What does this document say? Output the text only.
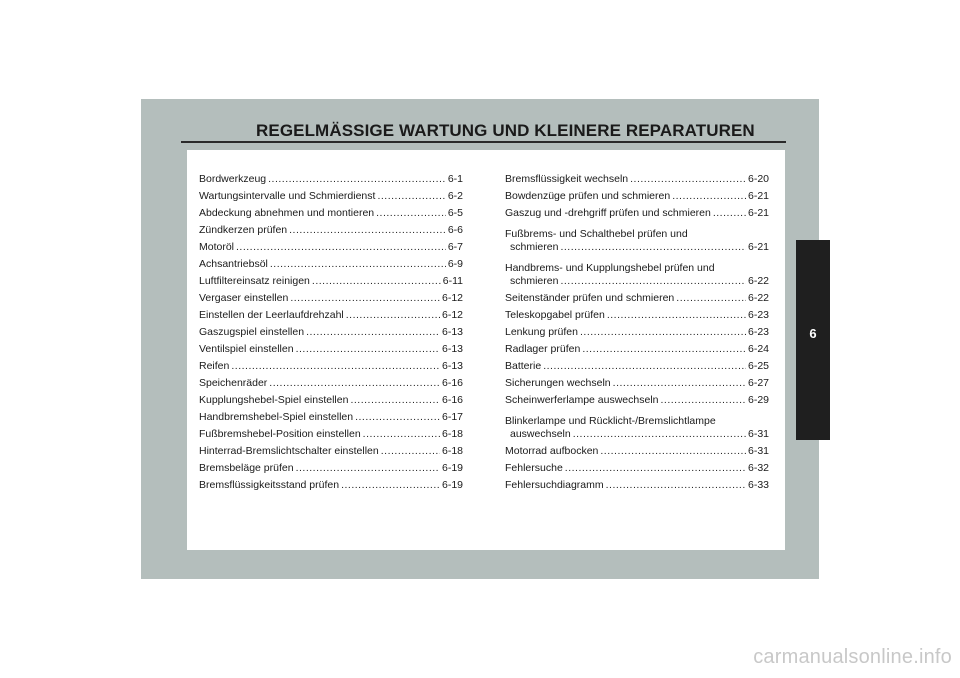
REGELMÄSSIGE WARTUNG UND KLEINERE REPARATUREN
Bordwerkzeug .....	6-1
Wartungsintervalle und Schmierdienst .....	6-2
Abdeckung abnehmen und montieren .....	6-5
Zündkerzen prüfen .....	6-6
Motoröl .....	6-7
Achsantriebsöl .....	6-9
Luftfiltereinsatz reinigen .....	6-11
Vergaser einstellen .....	6-12
Einstellen der Leerlaufdrehzahl .....	6-12
Gaszugspiel einstellen .....	6-13
Ventilspiel einstellen .....	6-13
Reifen .....	6-13
Speichenräder .....	6-16
Kupplungshebel-Spiel einstellen .....	6-16
Handbremshebel-Spiel einstellen .....	6-17
Fußbremshebel-Position einstellen .....	6-18
Hinterrad-Bremslichtschalter einstellen .....	6-18
Bremsbeläge prüfen .....	6-19
Bremsflüssigkeitsstand prüfen .....	6-19
Bremsflüssigkeit wechseln .....	6-20
Bowdenzüge prüfen und schmieren .....	6-21
Gaszug und -drehgriff prüfen und schmieren .....	6-21
Fußbrems- und Schalthebel prüfen und
schmieren .....	6-21
Handbrems- und Kupplungshebel prüfen und
schmieren .....	6-22
Seitenständer prüfen und schmieren .....	6-22
Teleskopgabel prüfen .....	6-23
Lenkung prüfen .....	6-23
Radlager prüfen .....	6-24
Batterie .....	6-25
Sicherungen wechseln .....	6-27
Scheinwerferlampe auswechseln .....	6-29
Blinkerlampe und Rücklicht-/Bremslichtlampe
auswechseln .....	6-31
Motorrad aufbocken .....	6-31
Fehlersuche .....	6-32
Fehlersuchdiagramm .....	6-33
6
carmanualsonline.info
